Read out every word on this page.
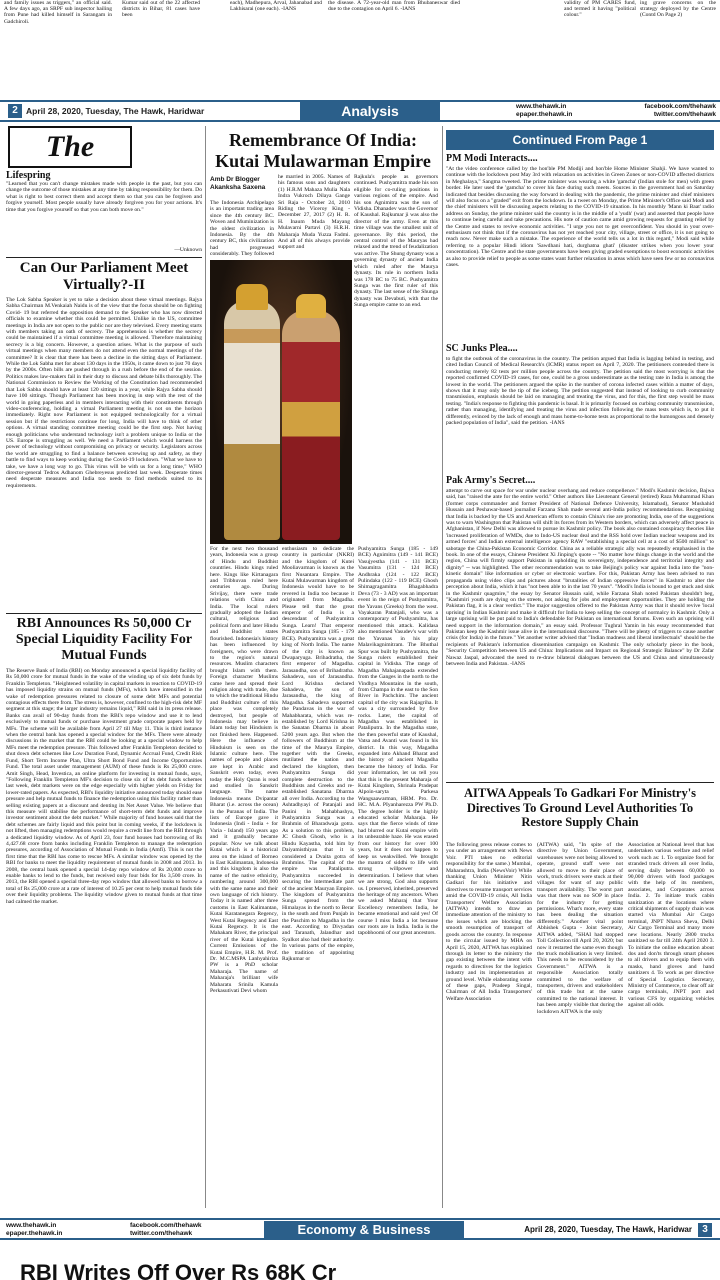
and family issues as triggers," an official said. A few days ago, an SRPF sub inspector hailing from Pune had killed himself in Sarangam in Gadchiroli.
Kumar said out of the 22 affected districts in Bihar, 81 cases have been
each), Madhepura, Arval, Jahanabad and Lakhisarai (one each). -IANS
the disease. A 72-year-old man from Bhubaneswar died due to the contagion on April 6. -IANS
validity of PM CARES fund, and termed it having "political colour."
ing grave concerns on the strategy deployed by the Centre (Contd On Page 2)
2 April 28, 2020, Tuesday, The Hawk, Haridwar	Analysis	www.thehawk.in
epaper.thehawk.in
facebook.com/thehawk
twitter.com/thehawk
The
Lifespring
"Learned that you can't change mistakes made with people in the past, but you can change the outcome of those mistakes at any time by taking responsibility for them. Do what is right to best correct them and accept them so that you can be forgiven and forgive yourself. Most people usually have already forgiven you for your actions. It's time that you forgive yourself so that you can both move on."
—Unknown
Can Our Parliament Meet Virtually?-II
The Lok Sabha Speaker is yet to take a decision about these virtual meetings. Rajya Sabha Chairman M.Venkaiah Naidu is of the view that the focus should be on fighting Covid- 19 but referred the opposition demand to the Speaker who has now directed officials to examine whether this could be permitted. Unlike in the US, committee meetings in India are not open to the public nor are they televised. Every meeting starts with members taking an oath of secrecy. The apprehension is whether the secrecy could be maintained if a virtual committee meeting is allowed. Therefore maintaining secrecy is a big concern. However, a question arises. What is the purpose of such virtual meetings when many members do not attend even the normal meetings of the committee? It is clear that there has been a decline in the sitting days of Parliament. While the Lok Sabha met for about 130 days in the 1950s, it came down to just 70 days by the 2000s. Often bills are pushed through in a rush before the end of the session. Politics makes law-makers fail in their duty to discuss and debate bills thoroughly. The National Commission to Review the Working of the Constitution had recommended that Lok Sabha should have at least 120 sittings in a year, while Rajya Sabha should have 100 sittings. Though Parliament has been moving in step with the rest of the world in going paperless and in members interacting with their constituents through video-conferencing, holding a virtual Parliament meeting is not on the horizon immediately. Right now Parliament is not equipped technologically for a virtual session but if the restrictions continue for long, India will have to think of other options. A virtual standing committee meeting could be the first step. Not having enough politicians who understand technology isn't a problem unique to India or the US. Europe is struggling as well. We need a Parliament which would harness the power of technology without compromising on privacy or security. Legislators across the world are struggling to find a balance between screwing up and safety, as they battle to find ways to keep working during the Covid-19 lockdown. "What we have to take, we have a long way to go. This virus will be with us for a long time," WHO director-general Tedros Adhanom Ghebreyesus predicted last week. Desperate times need desperate measures and India too needs to find methods suited to its requirements.
RBI Announces Rs 50,000 Cr Special Liquidity Facility For Mutual Funds
The Reserve Bank of India (RBI) on Monday announced a special liquidity facility of Rs 50,000 crore for mutual funds in the wake of the winding up of six debt funds by Franklin Templeton. "Heightened volatility in capital markets in reaction to COVID-19 has imposed liquidity strains on mutual funds (MFs), which have intensified in the wake of redemption pressures related to closure of some debt MFs and potential contagious effects there from. The stress is, however, confined to the high-risk debt MF segment at this stage; the larger industry remains liquid," RBI said in its press release. Banks can avail of 90-day funds from the RBI's repo window and use it to lend exclusively to mutual funds or purchase investment grade corporate papers held by MFs. The scheme will be available from April 27 till May 11. This is third instance when the central bank has opened a special window for the MFs. There were already discussions in the market that the RBI could be looking at a special window to help MFs meet the redemption pressure. This followed after Franklin Templeton decided to shut down debt schemes like Low Duration Fund, Dynamic Accrual Fund, Credit Risk Fund, Short Term Income Plan, Ultra Short Bond Fund and Income Opportunities Fund. The total asset under management (AUM) of these funds is Rs 25,000 crore. Amit Singh, Head, Investica, an online platform for investing in mutual funds, says, "Following Franklin Templeton MF's decision to close six of its debt funds schemes last week, debt markets were on the edge especially with higher yields on Friday for lower-rated papers. As expected, RBI's liquidity initiative announced today should ease pressure and help mutual funds to finance the redemption using this facility rather than selling existing papers at a discount and denting its Net Asset Value. We believe that this measure will stabilise the performance of short-term debt funds and improve investor sentiment about the debt market." While majority of fund houses said that the debt schemes are fairly liquid and this point but in coming weeks, if the lockdown is not lifted, then managing redemptions would require a credit line from the RBI through a dedicated liquidity window. As of April 23, four fund houses had borrowing of Rs 4,427.68 crore from banks including Franklin Templeton to manage the redemption pressures, according of Association of Mutual Funds in India (Amfi). This is not the first time that the RBI has come to rescue MFs. A similar window was opened by the RBI for banks to meet the liquidity requirement of mutual funds in 2008 and 2013. In 2008, the central bank opened a special 14-day repo window of Rs 20,000 crore to enable banks to lend to the funds, but received only four bids for Rs 3,500 crore. In 2013, the RBI opened a special three-day repo window that allowed banks to borrow a total of Rs 25,000 crore at a rate of interest of 10.25 per cent to help mutual funds tide over their liquidity problems. The liquidity window given to mutual funds at that time had calmed the market.
Remembrance Of India: Kutai Mulawarman Empire
Amb Dr Blogger Akanksha Saxena
The Indonesia Archipelago is an important trading area since the 4th century BC. Woven and Muminization is the oldest civilization in Indonesia. By the 4th century BC, this civilization had progressed considerably. They followed
he married in 2005. Names of his famous sons and daughters (1) H.R.M Mahaza Mulia Nala Indra Vukroch Dilaya Gange Sri Raja - October 24, 2010 Riding the Viceroy King - December 27, 2017 (2) H. R. H. Inaum Muda Mayang Mulavarni Partavi (3) H.R.H. Maharaja Muda Yuzza Fadmi. And all of this always provide support and
Rajkula's people as governors continued. Pushyamitra made his son eligible for co-ruling positions in various regions of the empire. And his son Agnimitra was the son of Vidisha. Dhanadev was the Governor of Kaushal. Rajkumar ji was also the director of the army. Even at this time village was the smallest unit of governance. By this period, the central control of the Mauryas had relaxed and the trend of feudalization was active. The Shung dynasty was a governing dynasty of ancient India which ruled after the Maurya dynasty. Its rule in northern India was 178 BC to 75 BC. Pushyamitra Sunga was the first ruler of this dynasty. The last sense of the Shunga dynasty was Devabuti, with that the Sunga empire came to an end.
For the next two thousand years, Indonesia was a group of Hindu and Buddhist countries. Hindu kings ruled here. Kings like Kirtanagara and Tribhuvan ruled here centuries ago. During Srivijay, there were trade relations with China and India. The local rulers gradually adopted the Indian cultural, religious and political form and later Hindu and Buddhist states flourished. Indonesia's history has been influenced by foreigners, who were drawn to the region's natural resources. Muslim characters brought Islam with them. Foreign character Muslims came here and spread their religion along with trade, due to which the traditional Hindu and Buddhist culture of this place was completely destroyed, but people of Indonesia may believe in Islam today but Hinduism is not finished here. Happened. Here the influence of Hinduism is seen on the Islamic culture here. The names of people and places are kept in Arabic and Sanskrit even today, even today the Holy Quran is read and studied in Sanskrit language. The name Indonesia means Dvipantar Bharat (i.e. across the ocean) in the Puranas of India. The lists of Europe gave it Indonesia (Indi - India + for Varia - Island) 150 years ago and it gradually became popular. Now we talk about Kutai which is a historical area on the island of Borneo in East Kalimantan, Indonesia and this kingdom is also the name of the native ethnicity, numbering around 300,000 with the same name and their own language of rich history. Today it is named after three customs in East Kalimantan, Kutai Karatanegara Regency, West Kutai Regency and East Kutai Regency. It is the Mahakam River, the principal river of the Kutai kingdom. Current Emissions of the Kutai Empire, H.R. M. Prof. Dr. M.C.MSPA Lanhyahiriza PW is a PhD scholar Maharaja. The name of Maharaja's brilliant wife Maharatu Srinila Kamula Perkasutivati Devi whom
enthusiasm to dedicate the country in particular (NKRI) and the kingdom of Kutei Mooliavarman is known as the first Nusantara Empire. The Kutai Mulawarman kingdom of Indonesia would have to be revered in India too because it originated from Magadha. Please tell that the great emperor of India is a descendant of Pushyamitra Sunga. Learn! That emperor Pushyamitra Sunga (185 - 179 BCE). Pushyamitra was a great king of North India. The name of the city is known as Dwaparyuga. Brihadratha, the first emperor of Magadha. Jarasandha, son of Brihadratha. Sahadeva, son of Jarasandha. Lord Krishna declared Sahadeva, the son of Jarasandha, the king of Magadha. Sahadeva supported the Pandavas in the war of Mahabharata, which was re-established by Lord Krishna in the Sanatan Dharma in about 5200 years ago. But when the followers of Buddhism at the time of the Maurya Empire, together with the Greeks, mutilated the nation and declared the kingdom, then Pushyamitra Sunga did complete destruction to the Buddhists and Greeks and re-established Sanatana Dharma all over India. According to the Ashtadhyayi of Patanjali and Panini in Mahabhashya, Pushyamitra Sunga was a Brahmin of Bharadwaja gotra. As a solution to this problem, JC Ghosh Ghosh, who is a Hindu Kayastha, told him by Daiyamisthiyan that it is considered a Dvaita gotra of Brahmins. The capital of the empire was Pataliputra. Pushyamitra succeeded in securing the intermediate part of the ancient Mauryan Empire. The kingdom of Pushyamitra Sunga spread from the Himalayas in the north to Berar in the south and from Punjab in the Paschim to Magadha in the east. According to Divyadan and Taranath, Jalandhar and Syalkot also had their authority. In various parts of the empire, the tradition of appointing Rajkumar or
Pushyamitra Sunga (185 - 149 BCE) Agnimitra (149 - 141 BCE) Vasujyestha (141 - 131 BCE) Vasumitra (131 - 124 BCE) Andhraka (124 - 122 BCE) Pulindaka (122 - 119 BCE) Ghosh Shimagragamitra Bhagabhadra Deva (73 - 3 AD) was an important event in the reign of Pushyamitra, the Yavans (Greeks) from the west. Vayakaran Patanjali, who was a contemporary of Pushyamitra, has mentioned this attack. Kalidasa also mentioned Vasudev's war with the Yavanas in his play Malavikagnimitram. The Bhuthal Spur was built by Pushyamitra, the Sunga rulers established their capital in Vidisha. The range of Magadha Mahajanapada extended from the Ganges in the north to the Vindhya Mountains in the south, from Champa in the east to the Son River in Pachchim. The ancient capital of the city was Rajagriha. It was a city surrounded by five rocks. Later, the capital of Magadha was established in Pataliputra. In the Magadha state, the then powerful state of Kaushal, Vatsa and Avanti was found in his district. In this way, Magadha expanded into Akhand Bharat and the history of ancient Magadha became the history of India. For your information, let us tell you that this is the present Maharaja of Kutai Kingdom, Shrinala Pradepat Alpoin-saryta Parkesa Wangsaawarman, HRM. Pro. Dr. HC. M.A. PIyanharezza PW Ph.D. The degree holder is the highly educated scholar Maharaja. He says that the fierce winds of time had blurred our Kutai empire with its unbearable haze. He was erased from our history for over 100 years, but it does not happen to keep us weakwilled. We brought the mantra of siddhi to life with strong willpower and determination. I believe that when we are strong, God also supports us. I preserved, inherited, preserved the heritage of my ancestors. When we asked Maharaj that Your Excellency remembers India, he became emotional and said yes! Of course I miss India a lot because our roots are in India. India is the tapobhoomi of our great ancestors.
Continued From Page 1
PM Modi Interacts....
"At the video conference called by the hon'ble PM Modiji and hon'ble Home Minister Shahji. We have wanted to continue with the lockdown post May 3rd with relaxation on activities in Green Zones or non-COVID affected districts in Meghalaya," Sangma tweeted. The prime minister was wearing a white 'gamcha' (Indian stole for men) with green border. He later used the 'gamcha' to cover his face during such meets. Sources in the government had on Saturday indicated that besides discussing the way forward in dealing with the pandemic, the prime minister and chief ministers will also focus on a "graded" exit from the lockdown. In a tweet on Monday, the Prime Minister's Office said Modi and the chief ministers will be discussing aspects relating to the COVID-19 situation. In his monthly 'Mann ki Baat' radio address on Sunday, the prime minister said the country is in the middle of a 'yudh' (war) and asserted that people have to continue being careful and take precautions. His note of caution came amid growing requests for granting relief by the Centre and states to revive economic activities. "I urge you not to get overconfident. You should in your over-enthusiasm not think that if the coronavirus has not yet reached your city, village, street or office, it is not going to reach now. Never make such a mistake. The experience of the world tells us a lot in this regard," Modi said while referring to a popular Hindi idiom 'Sawdhani hati, durghatna ghati' (disaster strikes when you lower your concentration). The Centre and the state governments have been giving graded exemptions to boost economic activities as also to provide relief to people as some states want further relaxation in areas which have seen few or no coronavirus cases.
SC Junks Plea....
to fight the outbreak of the coronavirus in the country. The petition argued that India is lagging behind in testing, and cited Indian Council of Medical Research's (ICMR) status report on April 7, 2020. The petitioners contended there is conducting merely 82 tests per million people across the country. The petition said the most worrying is that the reported confirmed COVID-19 cases, for one, could be a gross underestimate as the testing rate in India is among the lowest in the world. The petitioners argued the spike in the number of corona infected cases within a matter of days, shows that it may only be the tip of the iceberg. The petition suggested that instead of looking to curb community transmission, emphasis should be laid on managing and treating the virus, and for this, the first step would be mass testing. "India's response to fighting this pandemic is basal. It is primarily focused on curbing community transmission, rather than managing, identifying and treating the virus and infection following the mass tests which is, to put it differently, evinced by the lack of enough and mass home-to-home tests as proportional to the humongous and densely packed population of India", said the petition. -IANS
Pak Army's Secret....
attempt to carve out space for war under nuclear overhang and reduce compellence." Modi's Kashmir decision, Bajwa said, has "raised the ante for the entire world." Other authors like Lieutenant General (retired) Raza Muhammad Khan (former corps commander and former President of National Defence University, Islamabad), Senator Mushahid Hussain and Peshawar-based journalist Farzana Shah made several anti-India policy recommendations. Recognising that India is backed by the US and American efforts to contain China's rise are promoting India, one of the suggestions was to warn Washington that Pakistan will shift its forces from its Western borders, which can adversely affect peace in Afghanistan, if New Delhi was allowed to pursue its Kashmir policy. The book also contained conspiracy theories like 'increased proliferation of WMDs, due to Indo-US nuclear deal and the RSS hold over Indian nuclear weapons and its armed forces' and Indian external intelligence agency RAW "establishing a special cell at a cost of $500 million" to sabotage the China-Pakistan Economic Corridor. China as a reliable strategic ally was repeatedly emphasised in the book. In one of the essays, Chinese President Xi Jinping's quote -- "No matter how things change in the world and the region, China will firmly support Pakistan in upholding its sovereignty, independence and territorial integrity and dignity" -- was highlighted. The other recommendation was to take Beijing's policy war against India into the "non-kinetic domain" like information or cyber or electronic warfare. For this, Pakistan Army has been advised to run propaganda using video clips and pictures about "brutalities of Indian oppressive forces" in Kashmir to alter the perception about India, which it has "not been able to in the last 70 years". "Modi's India is bound to get stuck and sink in the Kashmir quagmire," the essay by Senator Hussain said, while Farzana Shah noted Pakistan shouldn't beg, "Kashmiri youth are dying on the streets, not asking for jobs and employment opportunities. They are holding the Pakistan flag, it is a clear verdict." The major suggestion offered to the Pakistan Army was that it should revive 'local uprising' in Indian Kashmir and make it difficult for India to keep selling the concept of normalcy in Kashmir. Only a large uprising will be put paid to India's defendable for Pakistan on international forums. Even such an uprising will need support in the information domain," an essay said. Professor Tughral Yamin in his essay recommended that Pakistan keep the Kashmir issue alive in the international discourse. "There will be plenty of triggers to cause another crisis (for India) in the future." Yet another writer advised that "Indian madness and liberal intellectuals" should be the recipients of Pakistan's information dissemination campaign on Kashmir. The only scholarly piece in the book, "Security Competition between US and China: Implications and Impact on Regional Strategic Balance" by Dr Zafar Nawaz Jaspal, advocated the need to re-draw bilateral dialogues between the US and China and simultaneously between India and Pakistan. -IANS
AITWA Appeals To Gadkari For Ministry's Directives To Ground Level Authorities To Restore Supply Chain
The following press release comes to you under an arrangement with News Voir. PTI takes no editorial responsibility for the same.) Mumbai, Maharashtra, India (NewsVoir) While thanking Union Minister Nitin Gadkari for his initiative and directives to resume transport services amid the COVID-19 crisis, All India Transporters' Welfare Association (AITWA) intends to draw an immediate attention of the ministry to the issues which are blocking the smooth resumption of transport of goods across the country. In response to the circular issued by MHA on April 15, 2020, AITWA has explained through its letter to the ministry the gap existing between the intent with regards to directives for the logistics industry and its implementation at ground level. While elaborating some of these gaps, Pradeep Singal, Chairman of All India Transporters' Welfare Association
(AITWA) said, "In spite of the directive by Union Government, warehouses were not being allowed to operate, ground staff were not allowed to move to their place of work, truck drivers were stuck at their villages for want of any public transport availability. The worst part was that there was no SOP in place for the industry for getting permissions. What's more, every state has been dealing the situation differently." Another vital point Abhishek Gupta - Joint Secretary, AITWA added, "SHAI had stopped Toll Collection till April 20, 2020; but now it restarted the same even though the truck mobilisation is very limited. This needs to be reconsidered by the Government." AITWA is a responsible Association totally committed to the welfare of transporters, drivers and stakeholders of this trade but at the same committed to the national interest. It has been amply visible that during the lockdown AITWA is the only
Association at National level that has undertaken various welfare and relief work such as: 1. To organize food for stranded truck drivers all over India, serving daily between 60,000 to 90,000 drivers with food packages with the help of its members, associates, and Corporates across India. 2. To initiate truck cabin sanitization at the locations where critical shipments of supply chain was started via Mumbai Air Cargo terminal, JNPT Nhava Sheva, Delhi Air Cargo Terminal and many more new locations. Nearly 2800 trucks sanitized so far till 24th April 2020 3. To initiate the online education about dos and don'ts through smart phones to all drivers and to equip them with masks, hand gloves and hand sanitizers 4. To work as per directive of Special Logistics Secretary, Ministry of Commerce, to clear off air cargo terminals, JNPT port and various CFS by organizing vehicles against all odds.
www.thehawk.in
epaper.thehawk.in
facebook.com/thehawk
twitter.com/thehawk	Economy & Business	April 28, 2020, Tuesday, The Hawk, Haridwar	3
RBI Writes Off Over Rs 68K Cr
